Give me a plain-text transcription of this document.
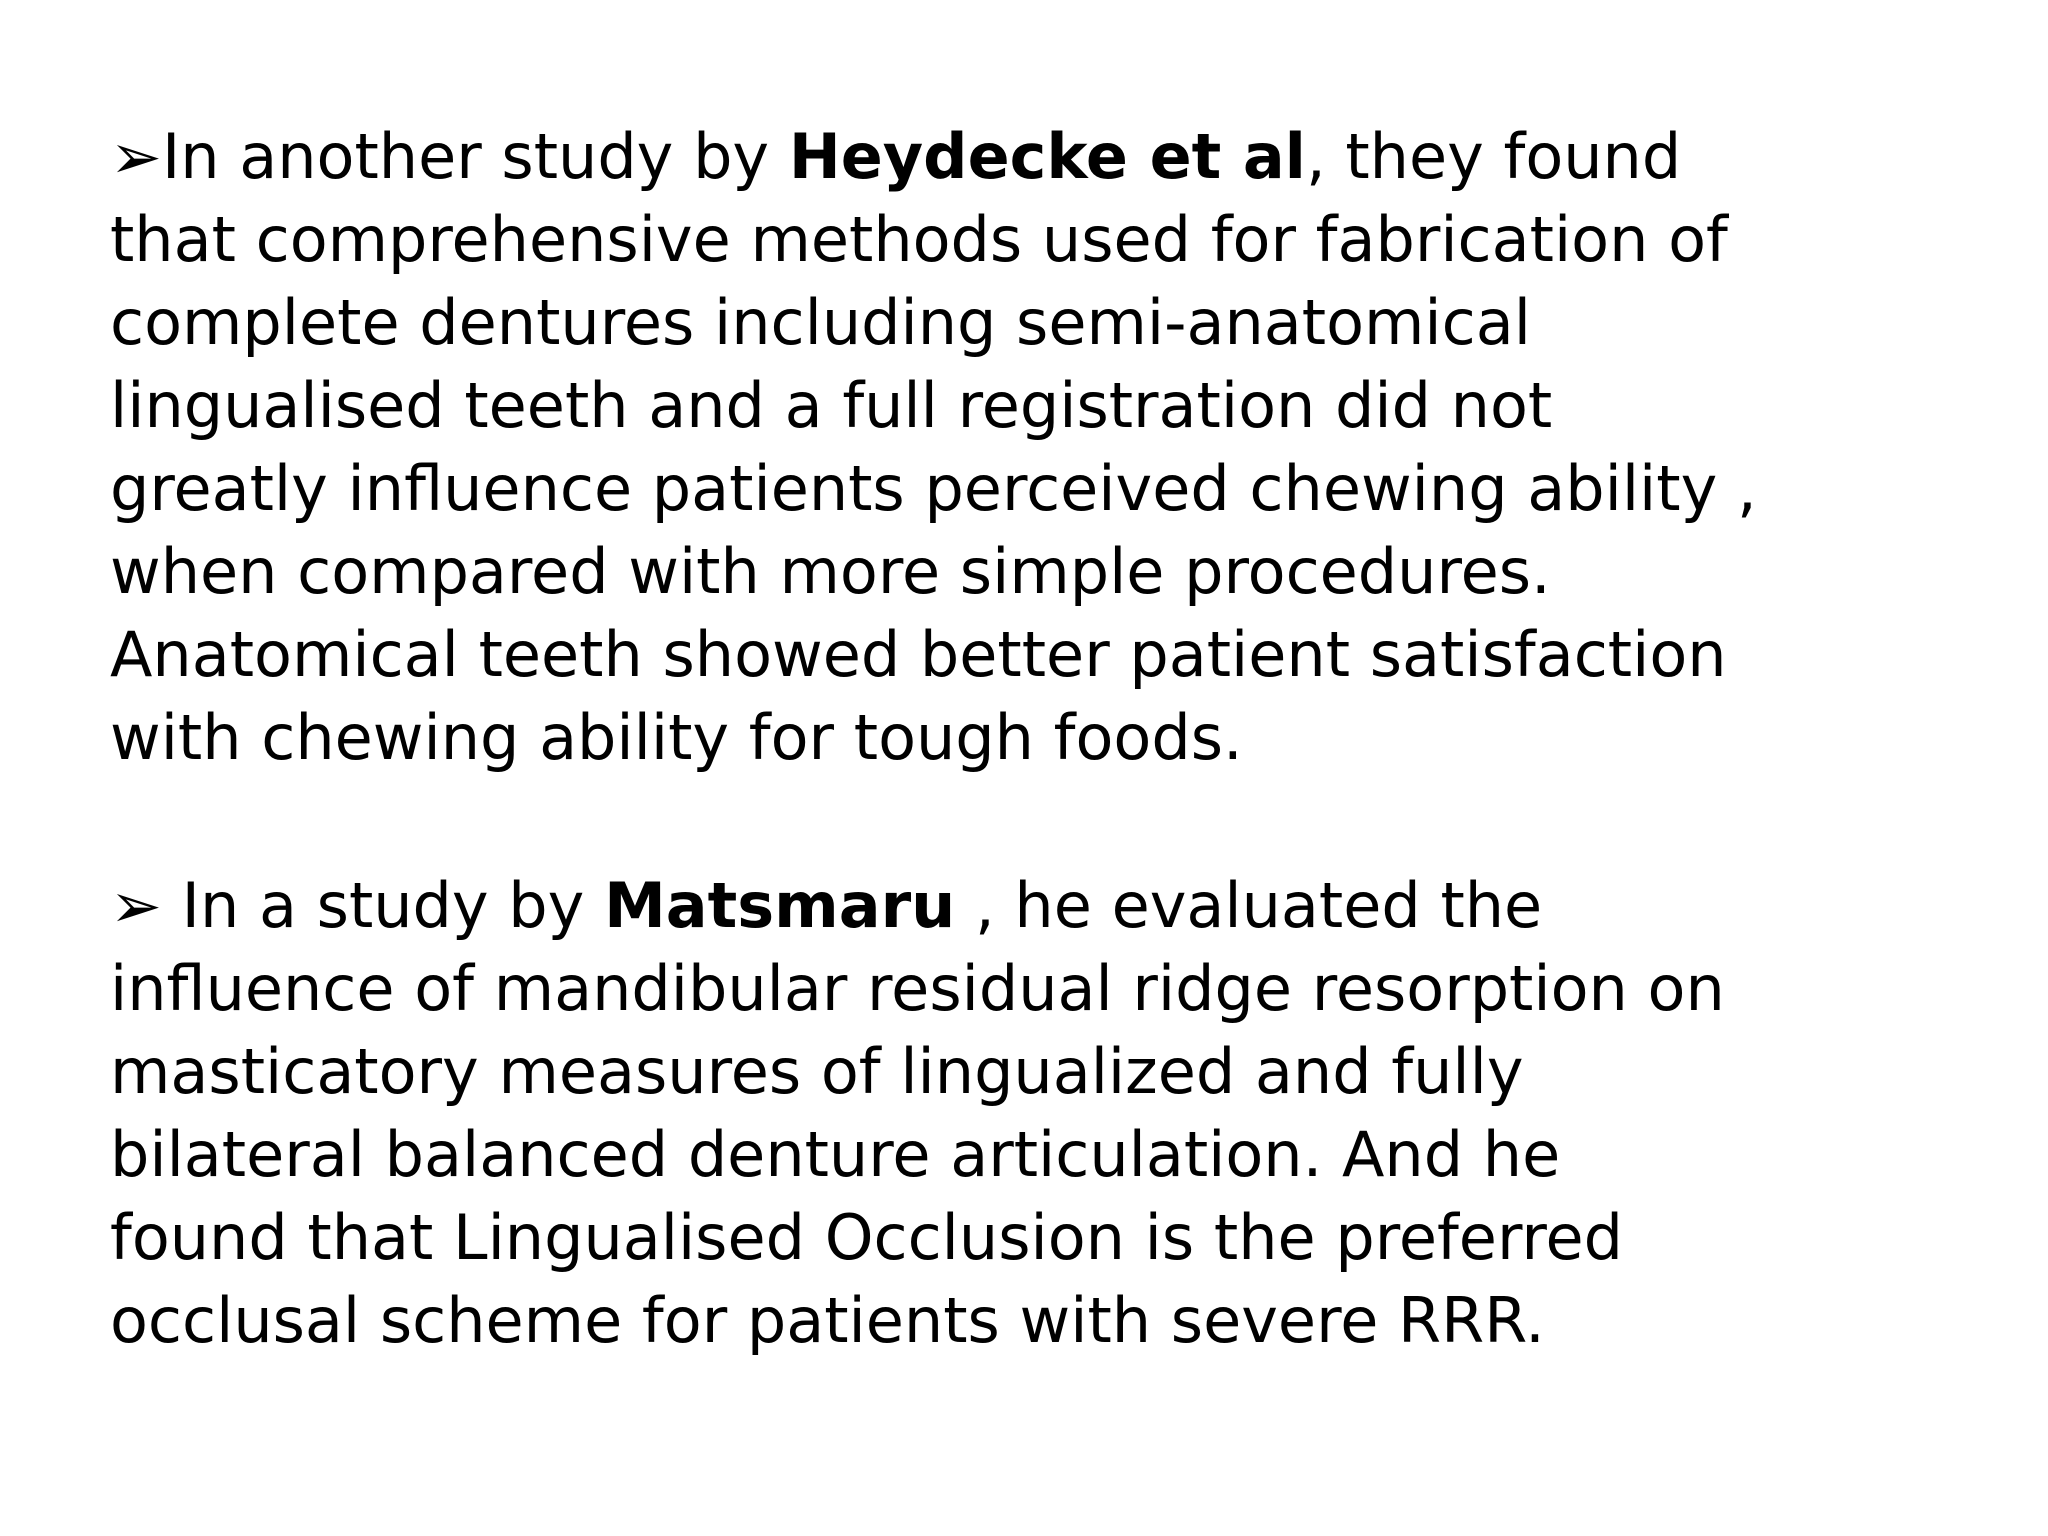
➢In another study by Heydecke et al, they found
that comprehensive methods used for fabrication of
complete dentures including semi-anatomical
lingualised teeth and a full registration did not
greatly influence patients perceived chewing ability ,
when compared with more simple procedures.
Anatomical teeth showed better patient satisfaction
with chewing ability for tough foods.
➢ In a study by Matsmaru , he evaluated the
influence of mandibular residual ridge resorption on
masticatory measures of lingualized and fully
bilateral balanced denture articulation. And he
found that Lingualised Occlusion is the preferred
occlusal scheme for patients with severe RRR.
